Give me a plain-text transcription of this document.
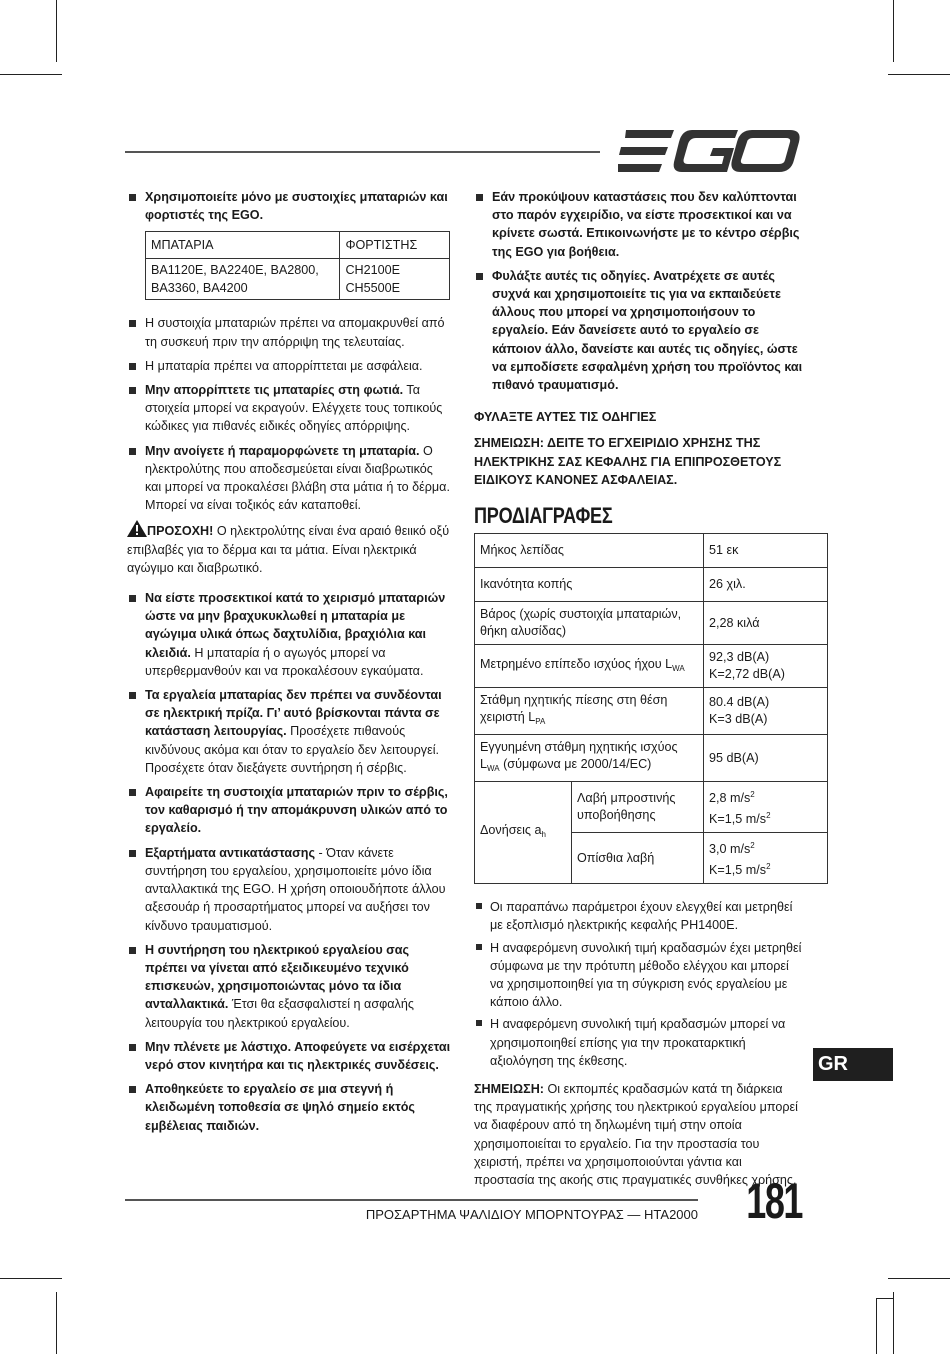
Χρησιμοποιείτε μόνο με συστοιχίες μπαταριών και φορτιστές της EGO.
ΜΠΑΤΑΡΙΑ	ΦΟΡΤΙΣΤΗΣ
BA1120E, BA2240E, BA2800, BA3360, BA4200	CH2100E CH5500E
Η συστοιχία μπαταριών πρέπει να απομακρυνθεί από τη συσκευή πριν την απόρριψη της τελευταίας.
Η μπαταρία πρέπει να απορρίπτεται με ασφάλεια.
Μην απορρίπτετε τις μπαταρίες στη φωτιά. Τα στοιχεία μπορεί να εκραγούν. Ελέγχετε τους τοπικούς κώδικες για πιθανές ειδικές οδηγίες απόρριψης.
Μην ανοίγετε ή παραμορφώνετε τη μπαταρία. Ο ηλεκτρολύτης που αποδεσμεύεται είναι διαβρωτικός και μπορεί να προκαλέσει βλάβη στα μάτια ή το δέρμα. Μπορεί να είναι τοξικός εάν καταποθεί.

ΠΡΟΣΟΧΗ! Ο ηλεκτρολύτης είναι ένα αραιό θειικό οξύ επιβλαβές για το δέρμα και τα μάτια. Είναι ηλεκτρικά αγώγιμο και διαβρωτικό.

Να είστε προσεκτικοί κατά το χειρισμό μπαταριών ώστε να μην βραχυκυκλωθεί η μπαταρία με αγώγιμα υλικά όπως δαχτυλίδια, βραχιόλια και κλειδιά. Η μπαταρία ή ο αγωγός μπορεί να υπερθερμανθούν και να προκαλέσουν εγκαύματα.
Τα εργαλεία μπαταρίας δεν πρέπει να συνδέονται σε ηλεκτρική πρίζα. Γι’ αυτό βρίσκονται πάντα σε κατάσταση λειτουργίας. Προσέχετε πιθανούς κινδύνους ακόμα και όταν το εργαλείο δεν λειτουργεί. Προσέχετε όταν διεξάγετε συντήρηση ή σέρβις.
Αφαιρείτε τη συστοιχία μπαταριών πριν το σέρβις, τον καθαρισμό ή την απομάκρυνση υλικών από το εργαλείο.
Εξαρτήματα αντικατάστασης - Όταν κάνετε συντήρηση του εργαλείου, χρησιμοποιείτε μόνο ίδια ανταλλακτικά της EGO. Η χρήση οποιουδήποτε άλλου αξεσουάρ ή προσαρτήματος μπορεί να αυξήσει τον κίνδυνο τραυματισμού.
Η συντήρηση του ηλεκτρικού εργαλείου σας πρέπει να γίνεται από εξειδικευμένο τεχνικό επισκευών, χρησιμοποιώντας μόνο τα ίδια ανταλλακτικά. Έτσι θα εξασφαλιστεί η ασφαλής λειτουργία του ηλεκτρικού εργαλείου.
Μην πλένετε με λάστιχο. Αποφεύγετε να εισέρχεται νερό στον κινητήρα και τις ηλεκτρικές συνδέσεις.
Αποθηκεύετε το εργαλείο σε μια στεγνή ή κλειδωμένη τοποθεσία σε ψηλό σημείο εκτός εμβέλειας παιδιών.
Εάν προκύψουν καταστάσεις που δεν καλύπτονται στο παρόν εγχειρίδιο, να είστε προσεκτικοί και να κρίνετε σωστά. Επικοινωνήστε με το κέντρο σέρβις της EGO για βοήθεια.
Φυλάξτε αυτές τις οδηγίες. Ανατρέχετε σε αυτές συχνά και χρησιμοποιείτε τις για να εκπαιδεύετε άλλους που μπορεί να χρησιμοποιήσουν το εργαλείο. Εάν δανείσετε αυτό το εργαλείο σε κάποιον άλλο, δανείστε και αυτές τις οδηγίες, ώστε να εμποδίσετε εσφαλμένη χρήση του προϊόντος και πιθανό τραυματισμό.

ΦΥΛΑΞΤΕ ΑΥΤΕΣ ΤΙΣ ΟΔΗΓΙΕΣ

ΣΗΜΕΙΩΣΗ: ΔΕΙΤΕ ΤΟ ΕΓΧΕΙΡΙΔΙΟ ΧΡΗΣΗΣ ΤΗΣ ΗΛΕΚΤΡΙΚΗΣ ΣΑΣ ΚΕΦΑΛΗΣ ΓΙΑ ΕΠΙΠΡΟΣΘΕΤΟΥΣ ΕΙΔΙΚΟΥΣ ΚΑΝΟΝΕΣ ΑΣΦΑΛΕΙΑΣ.

ΠΡΟΔΙΑΓΡΑΦΕΣ
Μήκος λεπίδας		51 εκ
Ικανότητα κοπής		26 χιλ.
Βάρος (χωρίς συστοιχία μπαταριών, θήκη αλυσίδας)		2,28 κιλά
Μετρημένο επίπεδο ισχύος ήχου $L_{WA}$		92,3 dB(A)
K=2,72 dB(A)
Στάθμη ηχητικής πίεσης στη θέση χειριστή $L_{PA}$		80.4 dB(A)
K=3 dB(A)
Εγγυημένη στάθμη ηχητικής ισχύος $L_{WA}$ (σύμφωνα με 2000/14/EC)		95 dB(A)
Δονήσεις $a_h$	Λαβή μπροστινής υποβοήθησης	2,8 $m/s^2$
K=1,5 $m/s^2$
	Οπίσθια λαβή	3,0 $m/s^2$
K=1,5 $m/s^2$
Οι παραπάνω παράμετροι έχουν ελεγχθεί και μετρηθεί με εξοπλισμό ηλεκτρικής κεφαλής PH1400E.
Η αναφερόμενη συνολική τιμή κραδασμών έχει μετρηθεί σύμφωνα με την πρότυπη μέθοδο ελέγχου και μπορεί να χρησιμοποιηθεί για τη σύγκριση ενός εργαλείου με κάποιο άλλο.
Η αναφερόμενη συνολική τιμή κραδασμών μπορεί να χρησιμοποιηθεί επίσης για την προκαταρκτική αξιολόγηση της έκθεσης.

ΣΗΜΕΙΩΣΗ: Οι εκπομπές κραδασμών κατά τη διάρκεια της πραγματικής χρήσης του ηλεκτρικού εργαλείου μπορεί να διαφέρουν από τη δηλωμένη τιμή στην οποία χρησιμοποιείται το εργαλείο. Για την προστασία του χειριστή, πρέπει να χρησιμοποιούνται γάντια και προστασία της ακοής στις πραγματικές συνθήκες χρήσης.

GR
ΠΡΟΣΑΡΤΗΜΑ ΨΑΛΙΔΙΟΥ ΜΠΟΡΝΤΟΥΡΑΣ — HTA2000 181
